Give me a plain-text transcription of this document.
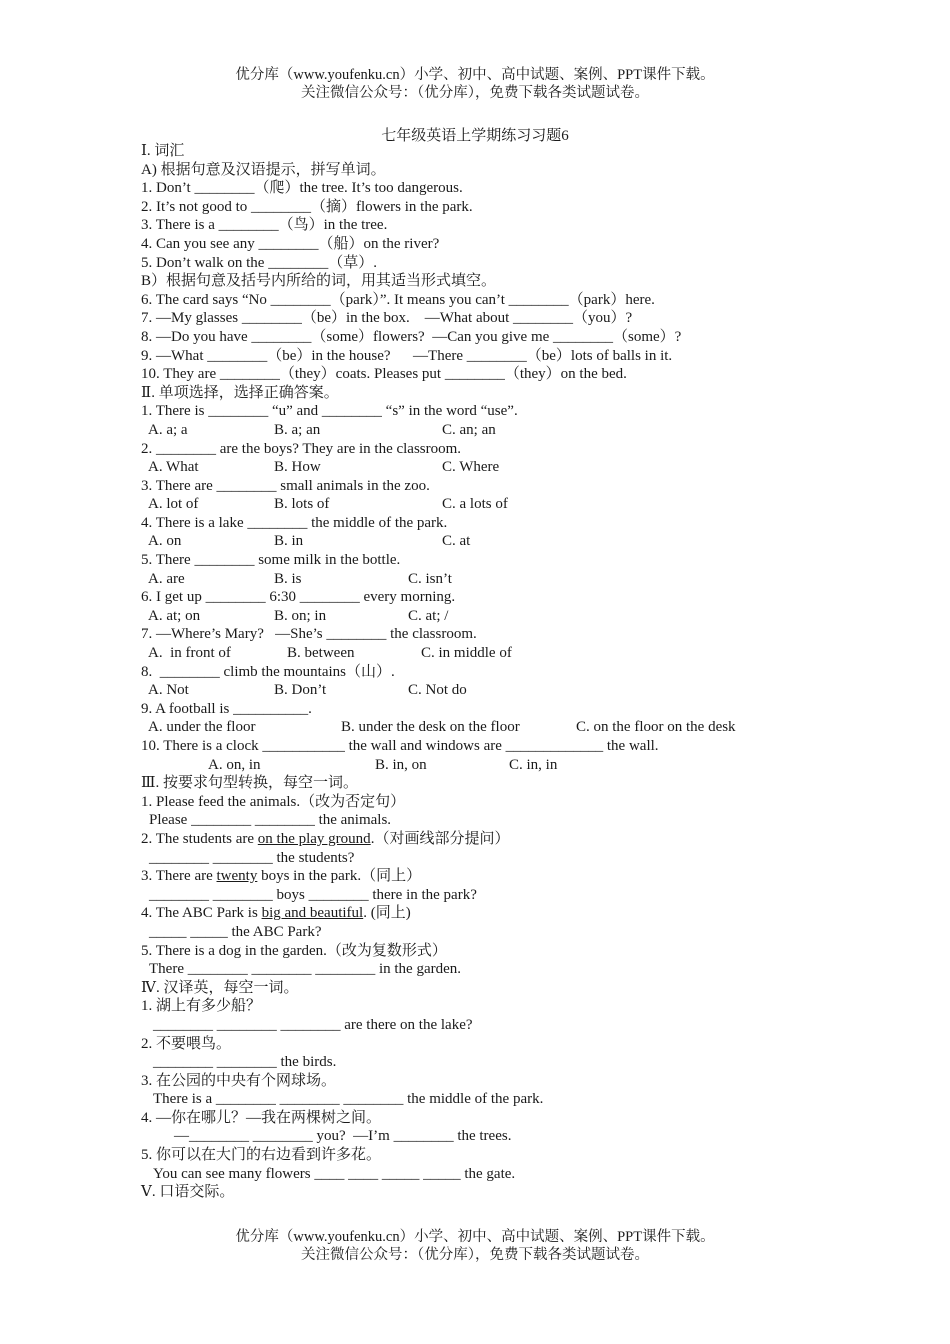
优分库（www.youfenku.cn）小学、初中、高中试题、案例、PPT课件下载。
关注微信公众号：（优分库），免费下载各类试题试卷。
七年级英语上学期练习习题6
Ⅰ. 词汇
A) 根据句意及汉语提示，拼写单词。
1. Don’t ________（爬）the tree. It’s too dangerous.
2. It’s not good to ________（摘）flowers in the park.
3. There is a ________（鸟）in the tree.
4. Can you see any ________（船）on the river?
5. Don’t walk on the ________（草）.
B）根据句意及括号内所给的词，用其适当形式填空。
6. The card says “No ________（park）”. It means you can’t ________（park）here.
7. —My glasses ________（be）in the box.    —What about ________（you）?
8. —Do you have ________（some）flowers?  —Can you give me ________（some）?
9. —What ________（be）in the house?      —There ________（be）lots of balls in it.
10. They are ________（they）coats. Pleases put ________（they）on the bed.
Ⅱ. 单项选择，选择正确答案。
1. There is ________ “u” and ________ “s” in the word “use”.
A. a; a	B. a; an	C. an; an
2. ________ are the boys? They are in the classroom.
A. What	B. How	C. Where
3. There are ________ small animals in the zoo.
A. lot of	B. lots of	C. a lots of
4. There is a lake ________ the middle of the park.
A. on	B. in	C. at
5. There ________ some milk in the bottle.
A. are	B. is	C. isn’t
6. I get up ________ 6:30 ________ every morning.
A. at; on	B. on; in	C. at; /
7. —Where’s Mary?   —She’s ________ the classroom.
A.  in front of	B. between	C. in middle of
8.  ________ climb the mountains（山）.
A. Not	B. Don’t	C. Not do
9. A football is __________.
A. under the floor	B. under the desk on the floor	C. on the floor on the desk
10. There is a clock ___________ the wall and windows are _____________ the wall.
A. on, in	B. in, on	C. in, in
Ⅲ. 按要求句型转换，每空一词。
1. Please feed the animals.（改为否定句）
Please ________ ________ the animals.
2. The students are on the play ground.（对画线部分提问）
________ ________ the students?
3. There are twenty boys in the park.（同上）
________ ________ boys ________ there in the park?
4. The ABC Park is big and beautiful. (同上)
_____ _____ the ABC Park?
5. There is a dog in the garden.（改为复数形式）
There ________ ________ ________ in the garden.
Ⅳ. 汉译英，每空一词。
1. 湖上有多少船？
________ ________ ________ are there on the lake?
2. 不要喂鸟。
________ ________ the birds.
3. 在公园的中央有个网球场。
There is a ________ ________ ________ the middle of the park.
4. —你在哪儿？—我在两棵树之间。
—________ ________ you?  —I’m ________ the trees.
5. 你可以在大门的右边看到许多花。
You can see many flowers ____ ____ _____ _____ the gate.
Ⅴ. 口语交际。
优分库（www.youfenku.cn）小学、初中、高中试题、案例、PPT课件下载。
关注微信公众号：（优分库），免费下载各类试题试卷。
